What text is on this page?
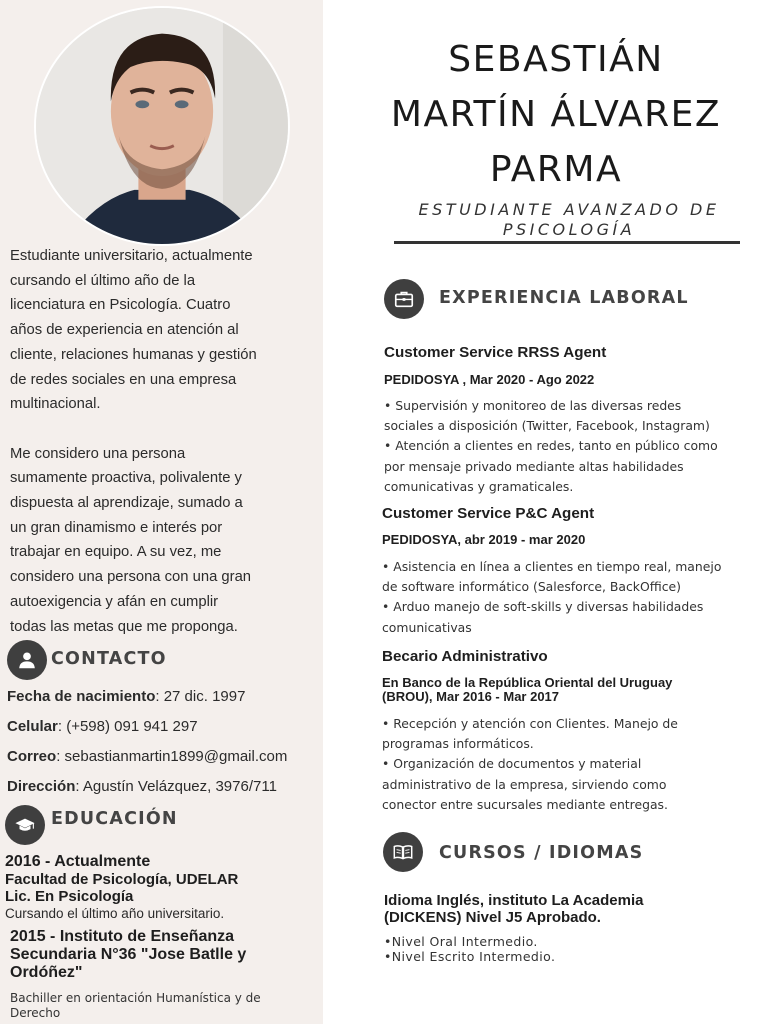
Estudiante universitario, actualmente
cursando el último año de la
licenciatura en Psicología. Cuatro
años de experiencia en atención al
cliente, relaciones humanas y gestión
de redes sociales en una empresa
multinacional.

Me considero una persona
sumamente proactiva, polivalente y
dispuesta al aprendizaje, sumado a
un gran dinamismo e interés por
trabajar en equipo. A su vez, me
considero una persona con una gran
autoexigencia y afán en cumplir
todas las metas que me proponga.
CONTACTO
Fecha de nacimiento: 27 dic. 1997
Celular: (+598) 091 941 297
Correo: sebastianmartin1899@gmail.com
Dirección: Agustín Velázquez, 3976/711
EDUCACIÓN
2016 - Actualmente
Facultad de Psicología, UDELAR
Lic. En Psicología
Cursando el último año universitario.
2015 - Instituto de Enseñanza Secundaria N°36 "Jose Batlle y Ordóñez"
Bachiller en orientación Humanística y de Derecho
SEBASTIÁN
MARTÍN ÁLVAREZ
PARMA
ESTUDIANTE AVANZADO DE
PSICOLOGÍA
EXPERIENCIA LABORAL
Customer Service RRSS Agent
PEDIDOSYA , Mar 2020 - Ago 2022
• Supervisión y monitoreo de las diversas redes
sociales a disposición (Twitter, Facebook, Instagram)
• Atención a clientes en redes, tanto en público como
por mensaje privado mediante altas habilidades
comunicativas y gramaticales.
Customer Service P&C Agent
PEDIDOSYA, abr 2019 - mar 2020
• Asistencia en línea a clientes en tiempo real, manejo
de software informático (Salesforce, BackOffice)
• Arduo manejo de soft-skills y diversas habilidades
comunicativas
Becario Administrativo
En Banco de la República Oriental del Uruguay (BROU), Mar 2016 - Mar 2017
• Recepción y atención con Clientes. Manejo de
programas informáticos.
• Organización de documentos y material
administrativo de la empresa, sirviendo como
conector entre sucursales mediante entregas.
CURSOS / IDIOMAS
Idioma Inglés, instituto La Academia (DICKENS) Nivel J5 Aprobado.
•Nivel Oral Intermedio.
•Nivel Escrito Intermedio.
